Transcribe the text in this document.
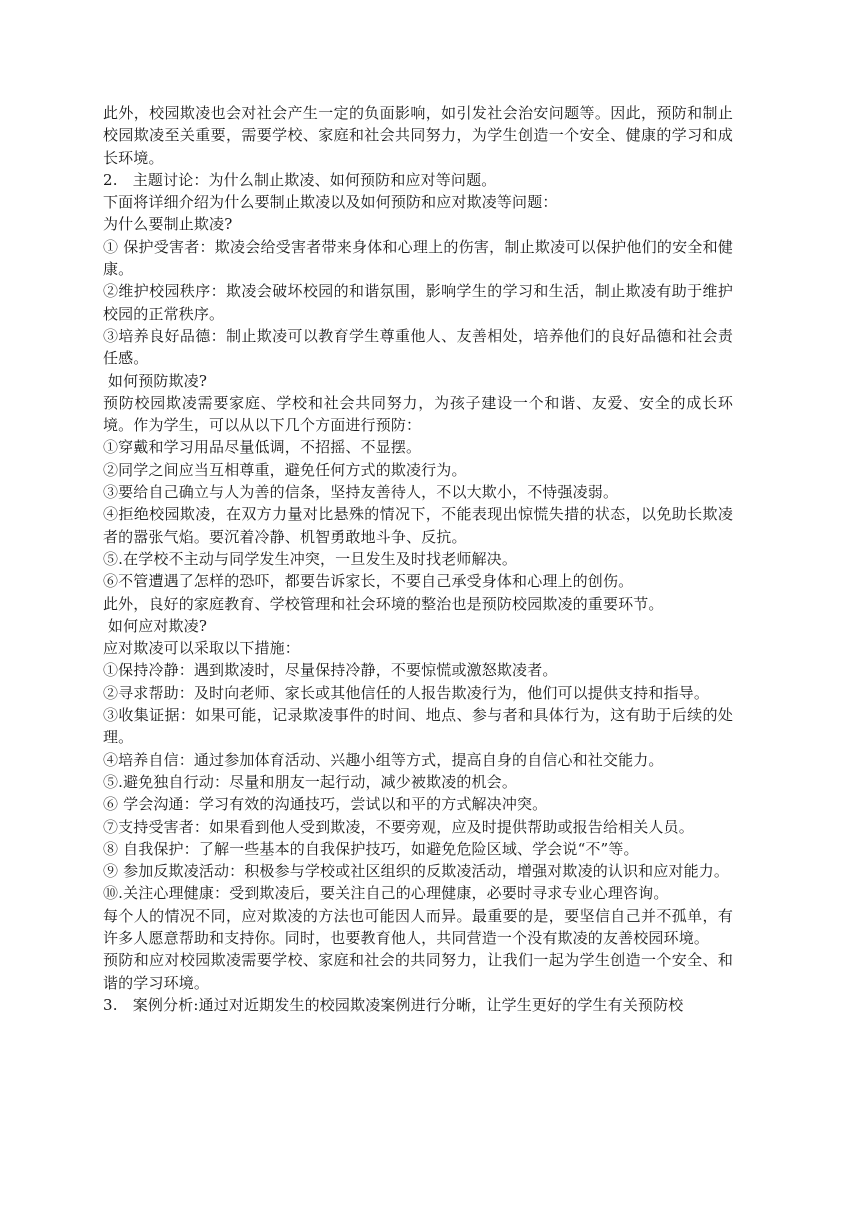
此外，校园欺凌也会对社会产生一定的负面影响，如引发社会治安问题等。因此，预防和制止校园欺凌至关重要，需要学校、家庭和社会共同努力，为学生创造一个安全、健康的学习和成长环境。

2.　主题讨论：为什么制止欺凌、如何预防和应对等问题。

下面将详细介绍为什么要制止欺凌以及如何预防和应对欺凌等问题：

为什么要制止欺凌?

① 保护受害者：欺凌会给受害者带来身体和心理上的伤害，制止欺凌可以保护他们的安全和健康。

②维护校园秩序：欺凌会破坏校园的和谐氛围，影响学生的学习和生活，制止欺凌有助于维护校园的正常秩序。

③培养良好品德：制止欺凌可以教育学生尊重他人、友善相处，培养他们的良好品德和社会责任感。

如何预防欺凌?

预防校园欺凌需要家庭、学校和社会共同努力，为孩子建设一个和谐、友爱、安全的成长环境。作为学生，可以从以下几个方面进行预防：

①穿戴和学习用品尽量低调，不招摇、不显摆。

②同学之间应当互相尊重，避免任何方式的欺凌行为。

③要给自己确立与人为善的信条，坚持友善待人，不以大欺小，不恃强凌弱。

④拒绝校园欺凌，在双方力量对比悬殊的情况下，不能表现出惊慌失措的状态，以免助长欺凌者的嚣张气焰。要沉着冷静、机智勇敢地斗争、反抗。

⑤.在学校不主动与同学发生冲突，一旦发生及时找老师解决。

⑥不管遭遇了怎样的恐吓，都要告诉家长，不要自己承受身体和心理上的创伤。

此外，良好的家庭教育、学校管理和社会环境的整治也是预防校园欺凌的重要环节。

如何应对欺凌?

应对欺凌可以采取以下措施：

①保持冷静：遇到欺凌时，尽量保持冷静，不要惊慌或激怒欺凌者。

②寻求帮助：及时向老师、家长或其他信任的人报告欺凌行为，他们可以提供支持和指导。

③收集证据：如果可能，记录欺凌事件的时间、地点、参与者和具体行为，这有助于后续的处理。

④培养自信：通过参加体育活动、兴趣小组等方式，提高自身的自信心和社交能力。

⑤.避免独自行动：尽量和朋友一起行动，减少被欺凌的机会。

⑥ 学会沟通：学习有效的沟通技巧，尝试以和平的方式解决冲突。

⑦支持受害者：如果看到他人受到欺凌，不要旁观，应及时提供帮助或报告给相关人员。

⑧ 自我保护：了解一些基本的自我保护技巧，如避免危险区域、学会说“不”等。

⑨ 参加反欺凌活动：积极参与学校或社区组织的反欺凌活动，增强对欺凌的认识和应对能力。

⑩.关注心理健康：受到欺凌后，要关注自己的心理健康，必要时寻求专业心理咨询。

每个人的情况不同，应对欺凌的方法也可能因人而异。最重要的是，要坚信自己并不孤单，有许多人愿意帮助和支持你。同时，也要教育他人，共同营造一个没有欺凌的友善校园环境。

预防和应对校园欺凌需要学校、家庭和社会的共同努力，让我们一起为学生创造一个安全、和谐的学习环境。

3.　案例分析:通过对近期发生的校园欺凌案例进行分晰，让学生更好的学生有关预防校
